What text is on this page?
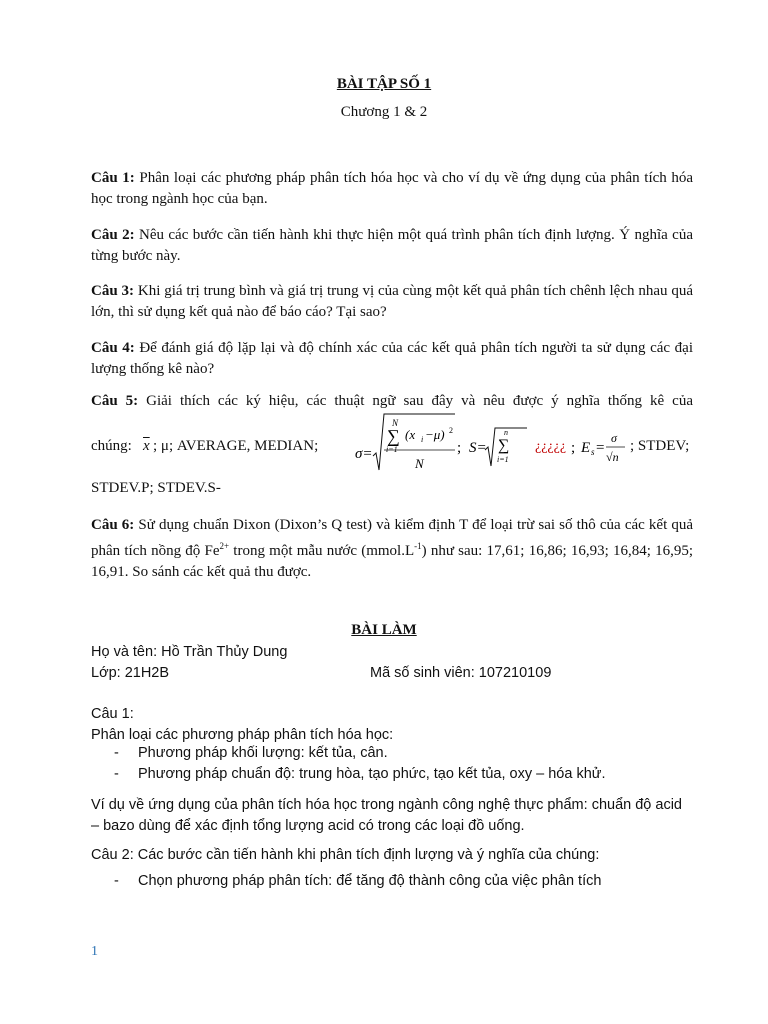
BÀI TẬP SỐ 1
Chương 1 & 2
Câu 1: Phân loại các phương pháp phân tích hóa học và cho ví dụ về ứng dụng của phân tích hóa học trong ngành học của bạn.
Câu 2: Nêu các bước cần tiến hành khi thực hiện một quá trình phân tích định lượng. Ý nghĩa của từng bước này.
Câu 3: Khi giá trị trung bình và giá trị trung vị của cùng một kết quả phân tích chênh lệch nhau quá lớn, thì sử dụng kết quả nào để báo cáo? Tại sao?
Câu 4: Để đánh giá độ lặp lại và độ chính xác của các kết quả phân tích người ta sử dụng các đại lượng thống kê nào?
Câu 5: Giải thích các ký hiệu, các thuật ngữ sau đây và nêu được ý nghĩa thống kê của
chúng: $\overline{x}$ ; μ; AVERAGE, MEDIAN; σ=
N
∑
i=1
(x i −μ) 2
N
; S=
n
∑
i=1
¿¿¿¿¿ ; E s =
σ
√n
; STDEV;
STDEV.P; STDEV.S-
Câu 6: Sử dụng chuẩn Dixon (Dixon’s Q test) và kiểm định T để loại trừ sai số thô của các kết quả phân tích nồng độ $Fe^{2+}$ trong một mẫu nước $(mmol.L^{-1})$ như sau: 17,61; 16,86; 16,93; 16,84; 16,95; 16,91. So sánh các kết quả thu được.
BÀI LÀM
Họ và tên: Hồ Trần Thủy Dung
Lớp: 21H2B	Mã số sinh viên: 107210109
Câu 1:
Phân loại các phương pháp phân tích hóa học:
- Phương pháp khối lượng: kết tủa, cân.
- Phương pháp chuẩn độ: trung hòa, tạo phức, tạo kết tủa, oxy – hóa khử.
Ví dụ về ứng dụng của phân tích hóa học trong ngành công nghệ thực phẩm: chuẩn độ acid – bazo dùng để xác định tổng lượng acid có trong các loại đồ uống.
Câu 2: Các bước cần tiến hành khi phân tích định lượng và ý nghĩa của chúng:
- Chọn phương pháp phân tích: để tăng độ thành công của việc phân tích
1
